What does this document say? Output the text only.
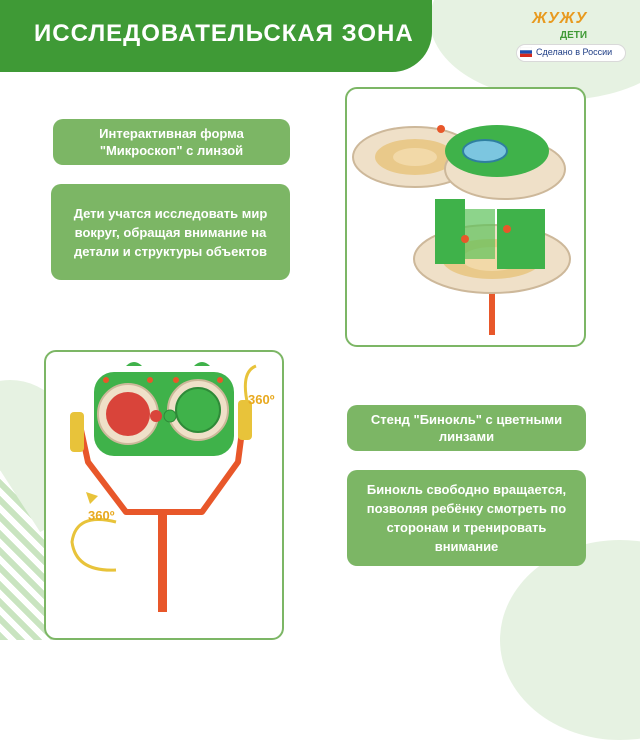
ИССЛЕДОВАТЕЛЬСКАЯ ЗОНА
ЖУЖУ
ДЕТИ
Сделано в России
Интерактивная форма "Микроскоп" с линзой
Дети учатся исследовать мир вокруг, обращая внимание на детали и структуры объектов
Стенд "Бинокль" с цветными линзами
Бинокль свободно вращается, позволяя ребёнку смотреть по сторонам и тренировать внимание
360º
360º
